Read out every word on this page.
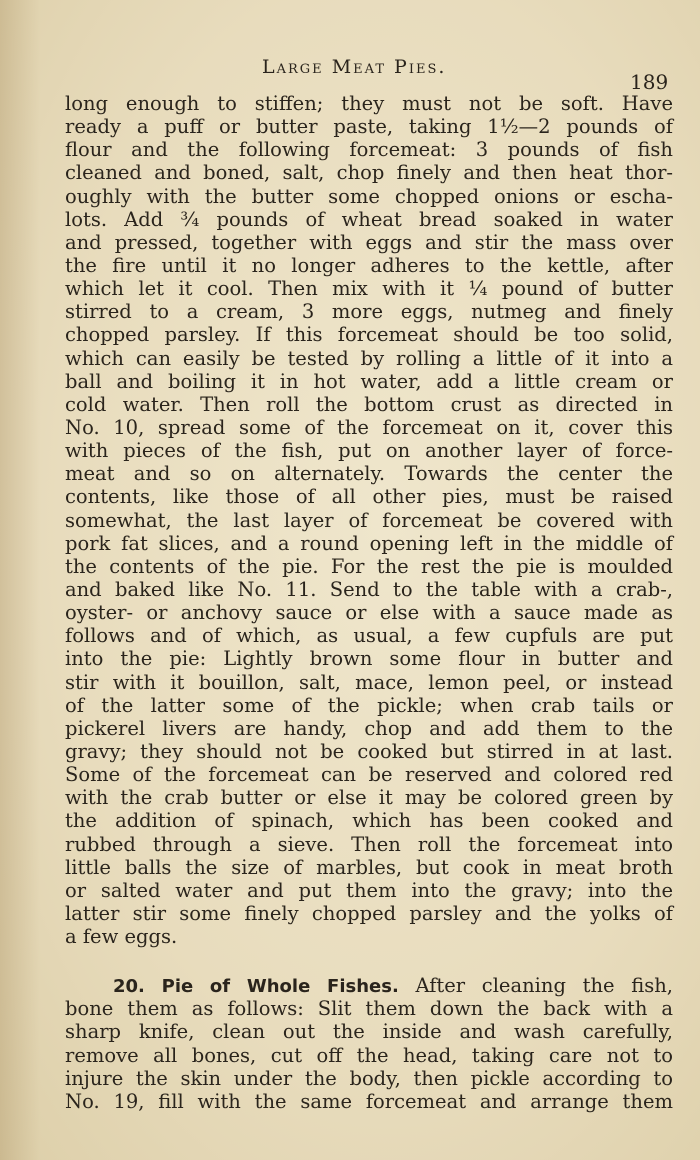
Large Meat Pies.
189
long enough to stiffen; they must not be soft. Have
ready a puff or butter paste, taking 1½—2 pounds of
flour and the following forcemeat: 3 pounds of fish
cleaned and boned, salt, chop finely and then heat thor-
oughly with the butter some chopped onions or escha-
lots. Add ¾ pounds of wheat bread soaked in water
and pressed, together with eggs and stir the mass over
the fire until it no longer adheres to the kettle, after
which let it cool. Then mix with it ¼ pound of butter
stirred to a cream, 3 more eggs, nutmeg and finely
chopped parsley. If this forcemeat should be too solid,
which can easily be tested by rolling a little of it into a
ball and boiling it in hot water, add a little cream or
cold water. Then roll the bottom crust as directed in
No. 10, spread some of the forcemeat on it, cover this
with pieces of the fish, put on another layer of force-
meat and so on alternately. Towards the center the
contents, like those of all other pies, must be raised
somewhat, the last layer of forcemeat be covered with
pork fat slices, and a round opening left in the middle of
the contents of the pie. For the rest the pie is moulded
and baked like No. 11. Send to the table with a crab-,
oyster- or anchovy sauce or else with a sauce made as
follows and of which, as usual, a few cupfuls are put
into the pie: Lightly brown some flour in butter and
stir with it bouillon, salt, mace, lemon peel, or instead
of the latter some of the pickle; when crab tails or
pickerel livers are handy, chop and add them to the
gravy; they should not be cooked but stirred in at last.
Some of the forcemeat can be reserved and colored red
with the crab butter or else it may be colored green by
the addition of spinach, which has been cooked and
rubbed through a sieve. Then roll the forcemeat into
little balls the size of marbles, but cook in meat broth
or salted water and put them into the gravy; into the
latter stir some finely chopped parsley and the yolks of
a few eggs.
20. Pie of Whole Fishes. After cleaning the fish,
bone them as follows: Slit them down the back with a
sharp knife, clean out the inside and wash carefully,
remove all bones, cut off the head, taking care not to
injure the skin under the body, then pickle according to
No. 19, fill with the same forcemeat and arrange them
